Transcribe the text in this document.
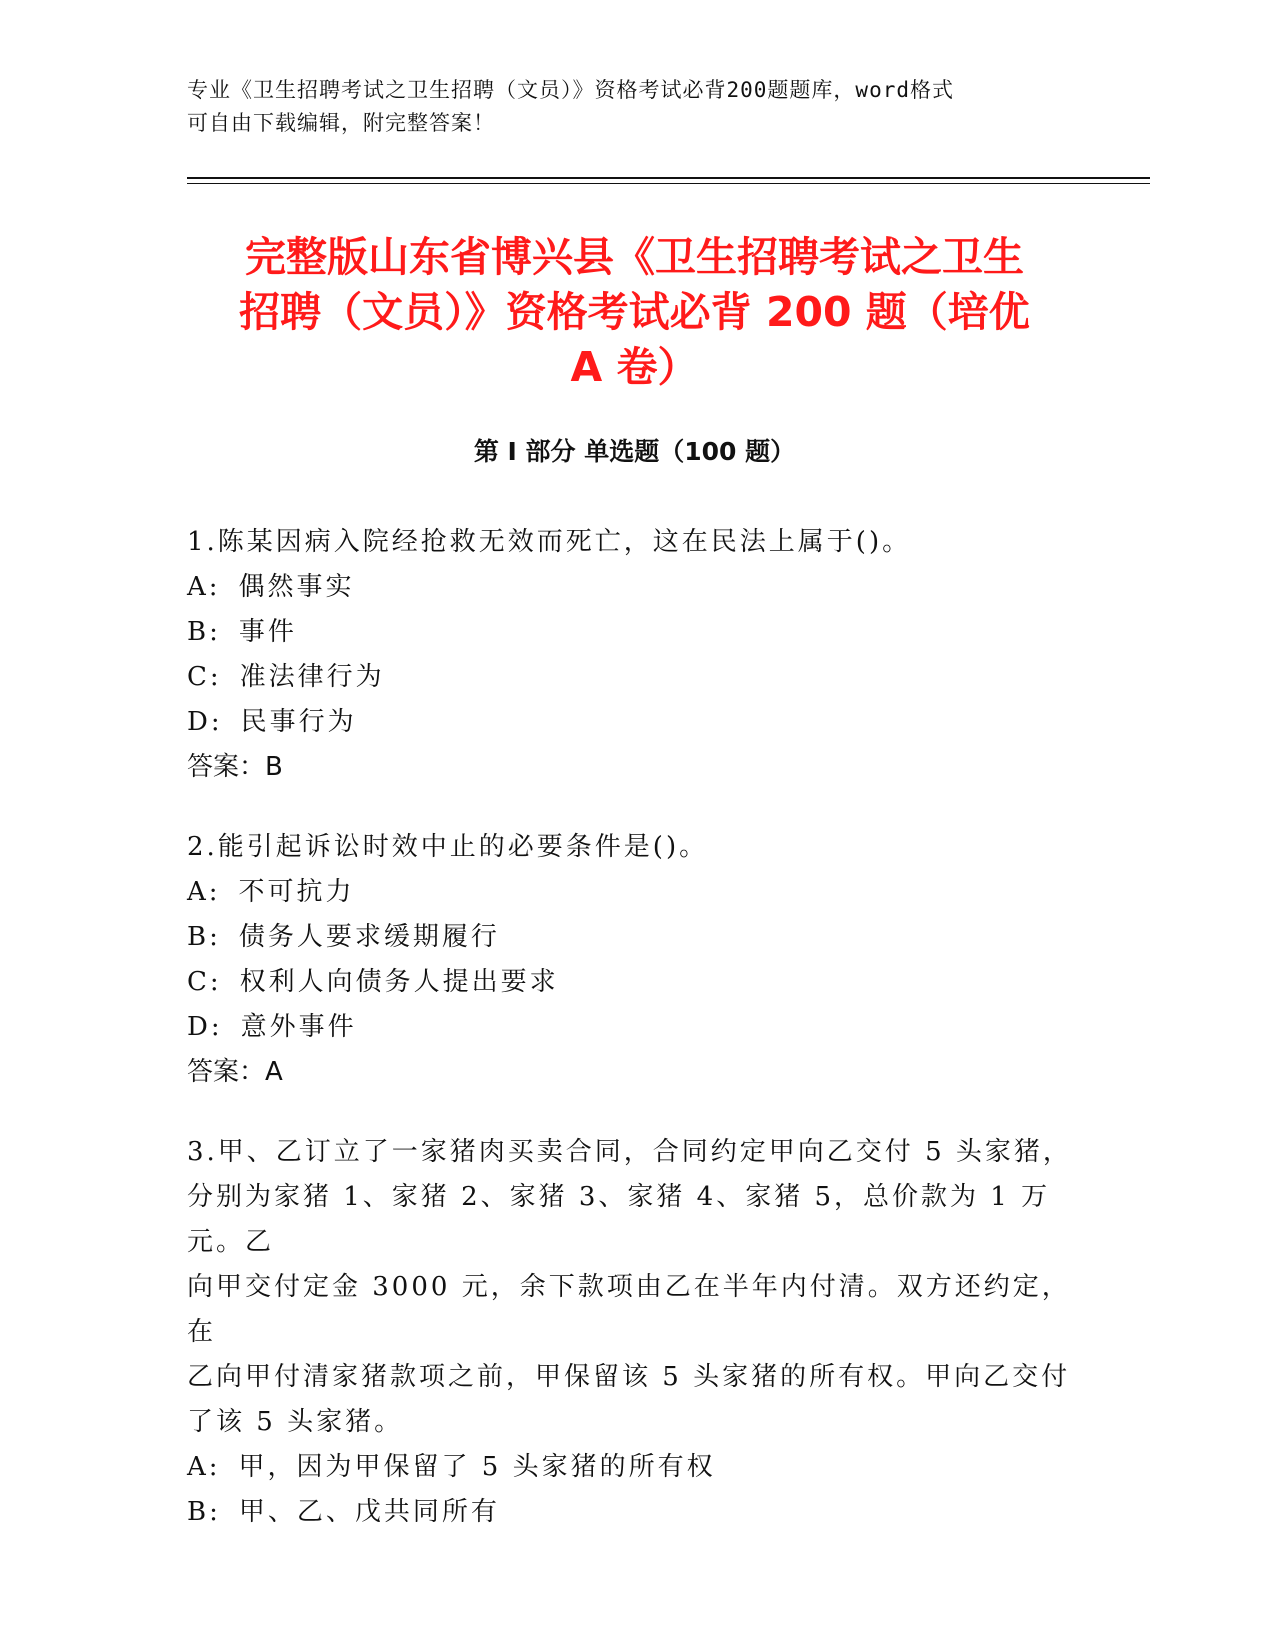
专业《卫生招聘考试之卫生招聘（文员）》资格考试必背200题题库，word格式
可自由下载编辑，附完整答案！
完整版山东省博兴县《卫生招聘考试之卫生
招聘（文员）》资格考试必背 200 题（培优
A 卷）
第 I 部分 单选题（100 题）

1.陈某因病入院经抢救无效而死亡，这在民法上属于()。

A: 偶然事实

B: 事件

C: 准法律行为

D: 民事行为

答案：B

2.能引起诉讼时效中止的必要条件是()。

A: 不可抗力

B: 债务人要求缓期履行

C: 权利人向债务人提出要求

D: 意外事件

答案：A

3.甲、乙订立了一家猪肉买卖合同，合同约定甲向乙交付 5 头家猪，

分别为家猪 1、家猪 2、家猪 3、家猪 4、家猪 5，总价款为 1 万元。乙

向甲交付定金 3000 元，余下款项由乙在半年内付清。双方还约定，在

乙向甲付清家猪款项之前，甲保留该 5 头家猪的所有权。甲向乙交付

了该 5 头家猪。

A: 甲，因为甲保留了 5 头家猪的所有权

B: 甲、乙、戊共同所有
